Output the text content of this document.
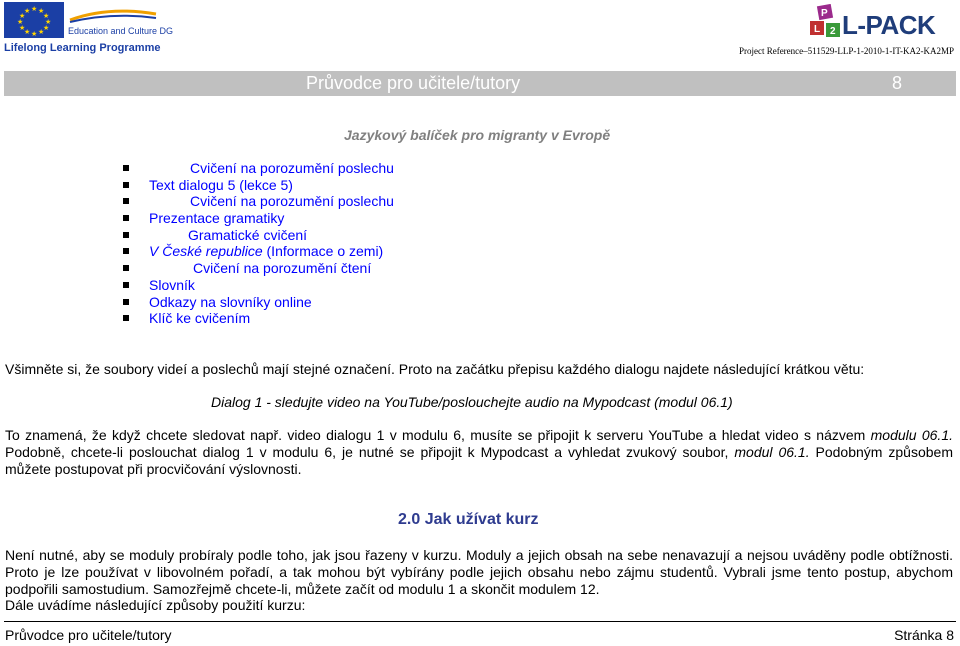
★ ★
★
★
★
★
★
★
★
★
★
★
Education and Culture DG
Lifelong Learning Programme
P
L 2 L-PACK
Project Reference–511529-LLP-1-2010-1-IT-KA2-KA2MP
Průvodce pro učitele/tutory	8
Jazykový balíček pro migranty v Evropě
Cvičení na porozumění poslechu
Text dialogu 5 (lekce 5)
Cvičení na porozumění poslechu
Prezentace gramatiky
Gramatické cvičení
V České republice (Informace o zemi)
Cvičení na porozumění čtení
Slovník
Odkazy na slovníky online
Klíč ke cvičením
Všimněte si, že soubory videí a poslechů mají stejné označení. Proto na začátku přepisu každého dialogu najdete následující krátkou větu:
Dialog 1 - sledujte video na YouTube/poslouchejte audio na Mypodcast (modul 06.1)
To znamená, že když chcete sledovat např. video dialogu 1 v modulu 6, musíte se připojit k serveru YouTube a hledat video s názvem modulu 06.1. Podobně, chcete-li poslouchat dialog 1 v modulu 6, je nutné se připojit k Mypodcast a vyhledat zvukový soubor, modul 06.1. Podobným způsobem můžete postupovat při procvičování výslovnosti.
2.0 Jak užívat kurz
Není nutné, aby se moduly probíraly podle toho, jak jsou řazeny v kurzu. Moduly a jejich obsah na sebe nenavazují a nejsou uváděny podle obtížnosti. Proto je lze používat v libovolném pořadí, a tak mohou být vybírány podle jejich obsahu nebo zájmu studentů. Vybrali jsme tento postup, abychom podpořili samostudium. Samozřejmě chcete-li, můžete začít od modulu 1 a skončit modulem 12.
Dále uvádíme následující způsoby použití kurzu:
Průvodce pro učitele/tutory	Stránka 8
